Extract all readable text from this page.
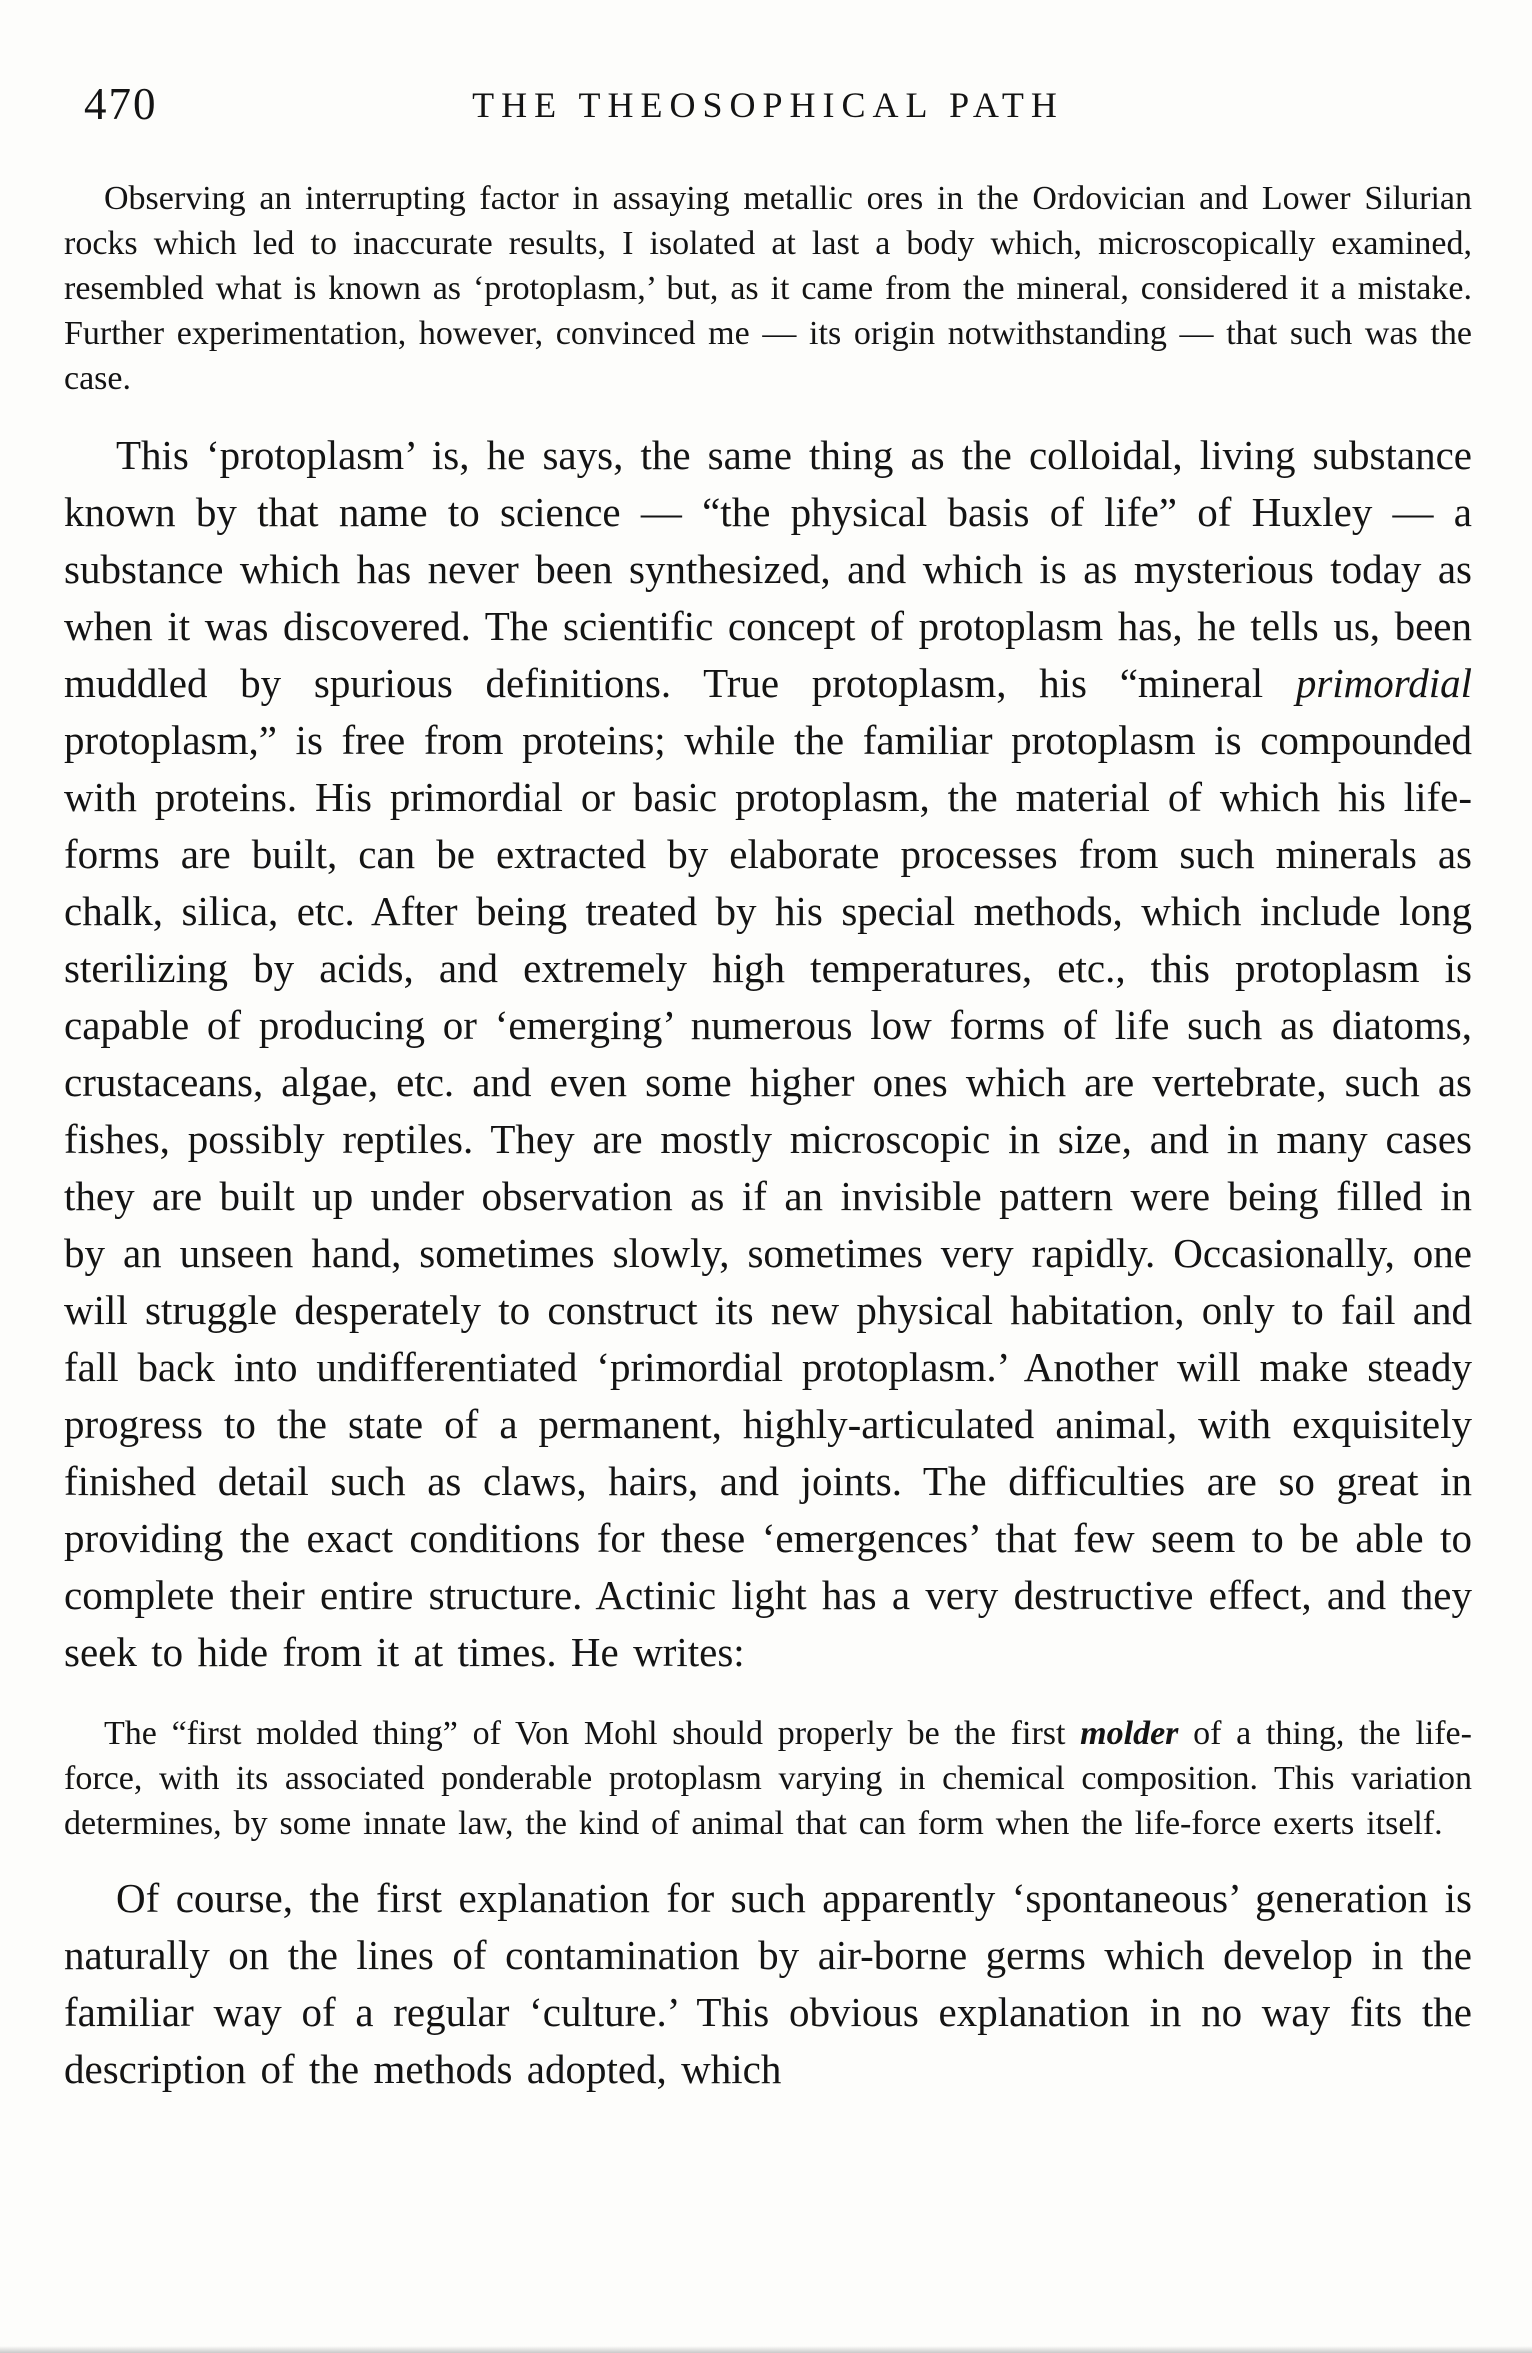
470	THE THEOSOPHICAL PATH

Observing an interrupting factor in assaying metallic ores in the Ordovician and Lower Silurian rocks which led to inaccurate results, I isolated at last a body which, microscopically examined, resembled what is known as ‘protoplasm,’ but, as it came from the mineral, considered it a mistake. Further experimentation, however, convinced me — its origin notwithstanding — that such was the case.

This ‘protoplasm’ is, he says, the same thing as the colloidal, living substance known by that name to science — “the physical basis of life” of Huxley — a substance which has never been synthesized, and which is as mysterious today as when it was discovered. The scientific concept of protoplasm has, he tells us, been muddled by spurious definitions. True protoplasm, his “mineral primordial protoplasm,” is free from proteins; while the familiar protoplasm is compounded with proteins. His primordial or basic protoplasm, the material of which his life-forms are built, can be extracted by elaborate processes from such minerals as chalk, silica, etc. After being treated by his special methods, which include long sterilizing by acids, and extremely high temperatures, etc., this protoplasm is capable of producing or ‘emerging’ numerous low forms of life such as diatoms, crustaceans, algae, etc. and even some higher ones which are vertebrate, such as fishes, possibly reptiles. They are mostly microscopic in size, and in many cases they are built up under observation as if an invisible pattern were being filled in by an unseen hand, sometimes slowly, sometimes very rapidly. Occasionally, one will struggle desperately to construct its new physical habitation, only to fail and fall back into undifferentiated ‘primordial protoplasm.’ Another will make steady progress to the state of a permanent, highly-articulated animal, with exquisitely finished detail such as claws, hairs, and joints. The difficulties are so great in providing the exact conditions for these ‘emergences’ that few seem to be able to complete their entire structure. Actinic light has a very destructive effect, and they seek to hide from it at times. He writes:

The “first molded thing” of Von Mohl should properly be the first molder of a thing, the life-force, with its associated ponderable protoplasm varying in chemical composition. This variation determines, by some innate law, the kind of animal that can form when the life-force exerts itself.

Of course, the first explanation for such apparently ‘spontaneous’ generation is naturally on the lines of contamination by air-borne germs which develop in the familiar way of a regular ‘culture.’ This obvious explanation in no way fits the description of the methods adopted, which
